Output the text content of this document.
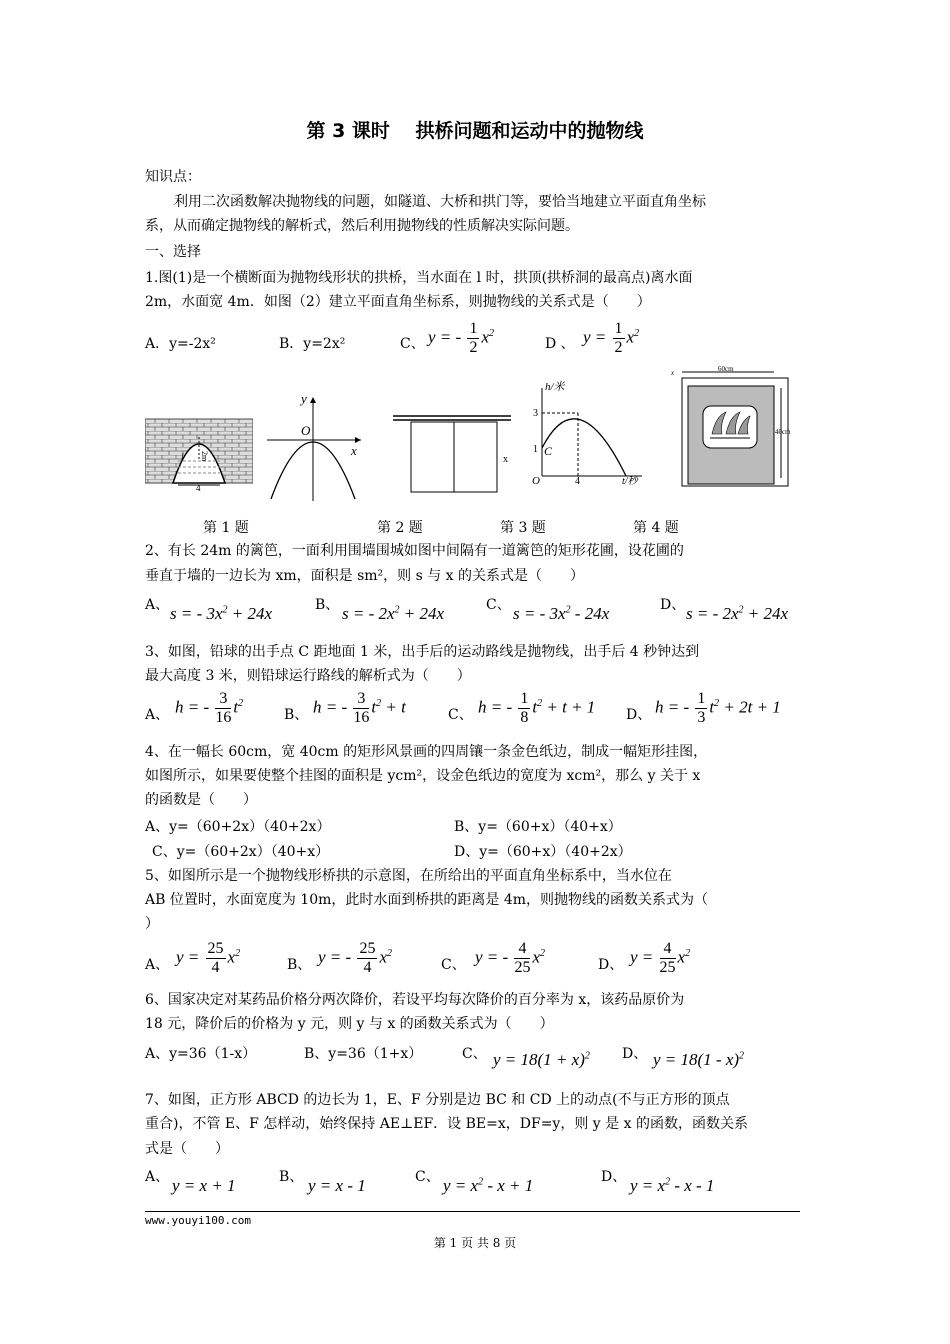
第 3 课时　 拱桥问题和运动中的抛物线
知识点：
利用二次函数解决抛物线的问题，如隧道、大桥和拱门等，要恰当地建立平面直角坐标
系，从而确定抛物线的解析式，然后利用抛物线的性质解决实际问题。
一、选择
1.图(1)是一个横断面为抛物线形状的拱桥，当水面在 l 时，拱顶(拱桥洞的最高点)离水面
2m，水面宽 4m．如图（2）建立平面直角坐标系，则抛物线的关系式是（　　）
A．y=-2x²	B．y=2x²	C、 y = - $\frac{1}{2} x^2$
D 、 $y = \frac{1}{2} x^2$
2m
l
4
y
O
x
x
h/米
3
1 C
O	4	t/秒
60cm
x
40cm
第 1 题	第 2 题	第 3 题	第 4 题
2、有长 24m 的篱笆，一面利用围墙围城如图中间隔有一道篱笆的矩形花圃，设花圃的
垂直于墙的一边长为 xm，面积是 sm²，则 s 与 x 的关系式是（　　）
A、 s = - $3x^2 + 24x$	B、 s = - $2x^2 + 24x$	C、 s = - $3x^2 - 24x$	D、 s = - $2x^2 + 24x$
3、如图，铅球的出手点 C 距地面 1 米，出手后的运动路线是抛物线，出手后 4 秒钟达到
最大高度 3 米，则铅球运行路线的解析式为（　　）
A、 h = - $\frac{3}{16} t^2$
B、 h = - $\frac{3}{16} t^2 + t$	C、 h = - $\frac{1}{8} t^2 + t + 1$ D、 h = - $\frac{1}{3} t^2 + 2t + 1$
4、在一幅长 60cm，宽 40cm 的矩形风景画的四周镶一条金色纸边，制成一幅矩形挂图，
如图所示，如果要使整个挂图的面积是 ycm²，设金色纸边的宽度为 xcm²，那么 y 关于 x
的函数是（　　）
A、y=（60+2x）（40+2x）	B、y=（60+x）（40+x）
C、y=（60+2x）（40+x）	D、y=（60+x）（40+2x）
5、如图所示是一个抛物线形桥拱的示意图，在所给出的平面直角坐标系中，当水位在
AB 位置时，水面宽度为 10m，此时水面到桥拱的距离是 4m，则抛物线的函数关系式为（
）
A、 $y = \frac{25}{4} x^2$
B、 y = - $\frac{25}{4} x^2$
C、 y = - $\frac{4}{25} x^2$
D、 $y = \frac{4}{25} x^2$
6、国家决定对某药品价格分两次降价，若设平均每次降价的百分率为 x，该药品原价为
18 元，降价后的价格为 y 元，则 y 与 x 的函数关系式为（　　）
A、y=36（1-x）	B、y=36（1+x）	C、 $y = 18(1 + x)^2$ D、 y = 18(1 - x)$^2$
7、如图，正方形 ABCD 的边长为 1，E、F 分别是边 BC 和 CD 上的动点(不与正方形的顶点
重合)，不管 E、F 怎样动，始终保持 AE⊥EF．设 BE=x，DF=y，则 y 是 x 的函数，函数关系
式是（　　）
A、 y = x + 1	B、 y = x - 1	C、 $y = x^2 - x + 1$	D、 $y = x^2 - x - 1$
www.youyi100.com
第 1 页 共 8 页
